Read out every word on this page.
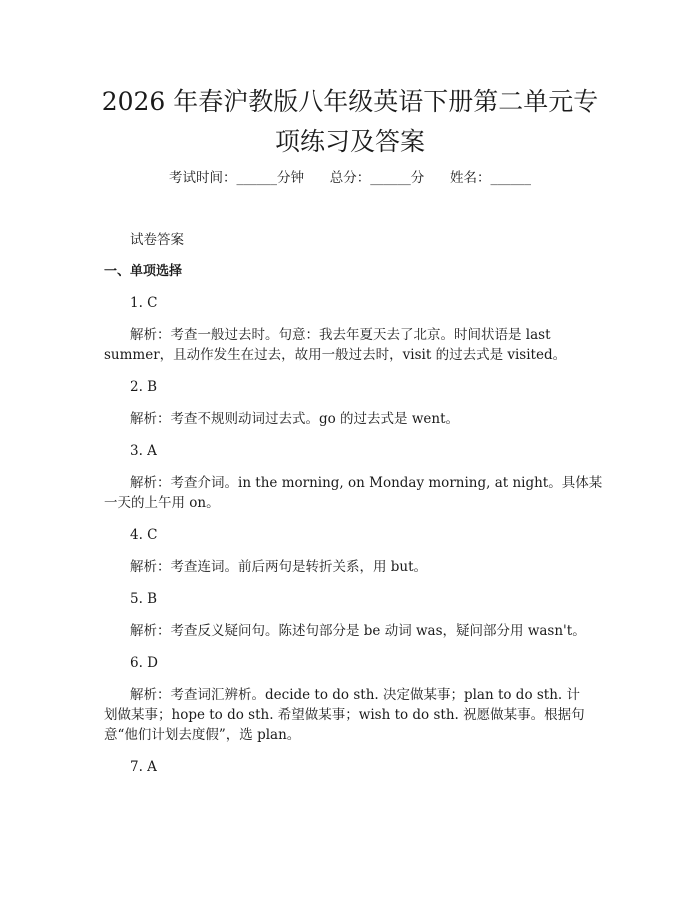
2026 年春沪教版八年级英语下册第二单元专
项练习及答案
考试时间：______分钟      总分：______分      姓名：______
试卷答案
一、单项选择
1. C
解析：考查一般过去时。句意：我去年夏天去了北京。时间状语是 last
summer，且动作发生在过去，故用一般过去时，visit 的过去式是 visited。
2. B
解析：考查不规则动词过去式。go 的过去式是 went。
3. A
解析：考查介词。in the morning, on Monday morning, at night。具体某
一天的上午用 on。
4. C
解析：考查连词。前后两句是转折关系，用 but。
5. B
解析：考查反义疑问句。陈述句部分是 be 动词 was，疑问部分用 wasn't。
6. D
解析：考查词汇辨析。decide to do sth. 决定做某事；plan to do sth. 计
划做某事；hope to do sth. 希望做某事；wish to do sth. 祝愿做某事。根据句
意“他们计划去度假”，选 plan。
7. A
